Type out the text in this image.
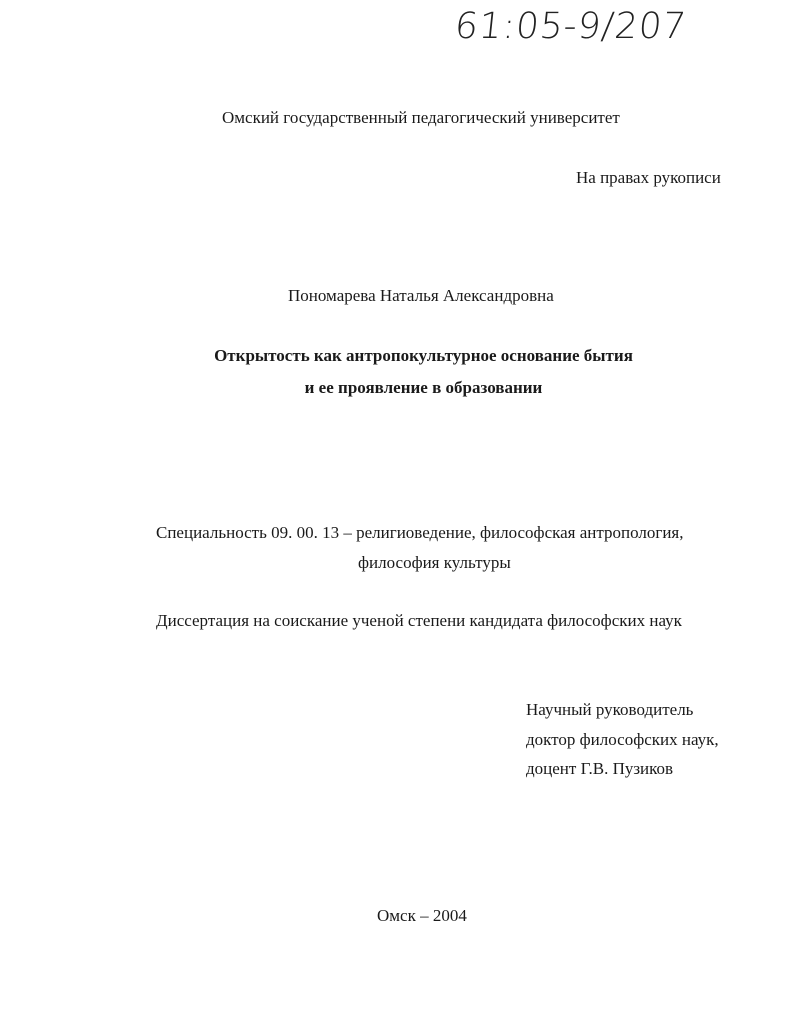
61:05-9/207
Омский государственный педагогический университет
На правах рукописи
Пономарева Наталья Александровна
Открытость как антропокультурное основание бытия
и ее проявление в образовании
Специальность 09. 00. 13 – религиоведение, философская антропология,
философия культуры
Диссертация на соискание ученой степени кандидата философских наук
Научный руководитель
доктор философских наук,
доцент Г.В. Пузиков
Омск – 2004
